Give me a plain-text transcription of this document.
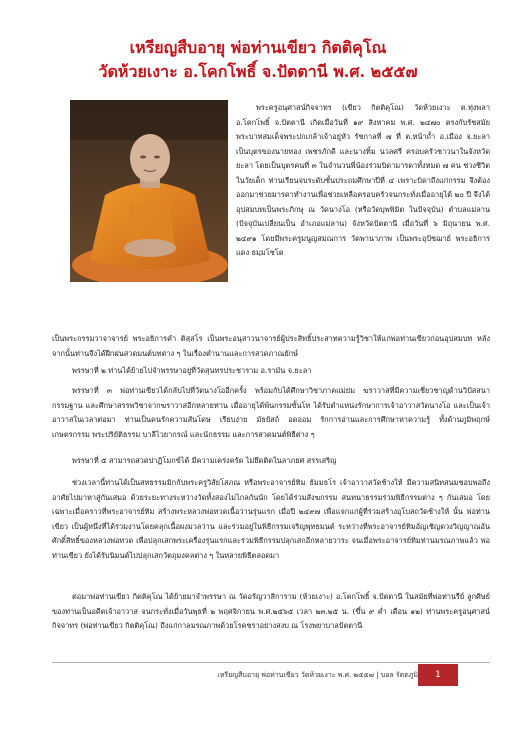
เหรียญสืบอายุ พ่อท่านเขียว กิตติคุโณ
วัดห้วยเงาะ อ.โคกโพธิ์ จ.ปัตตานี พ.ศ. ๒๕๕๗
พระครูอนุศาสน์กิจจาทร (เขียว กิตติคุโณ) วัดห้วยเงาะ ต.ทุ่งพลา อ.โคกโพธิ์ จ.ปัตตานี เกิดเมื่อวันที่ ๑๙ สิงหาคม พ.ศ. ๒๔๗๐ ตรงกับรัชสมัยพระบาทสมเด็จพระปกเกล้าเจ้าอยู่หัว รัชกาลที่ ๗ ที่ ต.หน้าถ้ำ อ.เมือง จ.ยะลา เป็นบุตรของนายทอง เพชรภักดี และนางทิ้ม นวลศรี ครอบครัวชาวนาในจังหวัดยะลา โดยเป็นบุตรคนที่ ๓ ในจำนวนพี่น้องร่วมบิดามารดาทั้งหมด ๗ คน ช่วงชีวิตในวัยเด็ก ท่านเรียนจบระดับชั้นประถมศึกษาปีที่ ๔ เพราะบิดาถึงแก่กรรม จึงต้องออกมาช่วยมารดาทำงานเพื่อช่วยเหลือครอบครัวจนกระทั่งเมื่ออายุได้ ๒๐ ปี จึงได้อุปสมบทเป็นพระภิกษุ ณ วัดนางโอ (หรือวัดบุพพิมิต ในปัจจุบัน) ตำบลแม่ลาน (ปัจจุบันเปลี่ยนเป็น อำเภอแม่ลาน) จังหวัดปัตตานี เมื่อวันที่ ๖ มิถุนายน พ.ศ. ๒๔๙๑ โดยมีพระครูมนูญสมณการ วัดพานาภาพ เป็นพระอุปัชฌาย์ พระอธิการแดง ธมฺมโชโต
เป็นพระกรรมวาจาจารย์ พระอธิการคำ ติสฺสโร เป็นพระอนุสาวนาจารย์ผู้ประสิทธิ์ประสาทความรู้วิชาให้แก่พ่อท่านเขียวก่อนอุปสมบท หลังจากนั้นท่านจึงได้ฝึกฝนสวดมนต์บทต่าง ๆ ในเรื่องตำนานและการสวดภาณยักษ์
พรรษาที่ ๒ ท่านได้ย้ายไปจำพรรษาอยู่ที่วัดสุนทรประชาราม อ.รามัน จ.ยะลา
พรรษาที่ ๓ พ่อท่านเขียวได้กลับไปที่วัดนางโออีกครั้ง พร้อมกับได้ศึกษาวิชาภาคแม่ย่ม ฆราวาสที่มีความเชี่ยวชาญด้านวิปัสสนากรรมฐาน และศึกษาสรรพวิชาจากฆราวาสอีกหลายท่าน เมื่ออายุได้พ้นกรรมซั้นโท ได้รับตำแหน่งรักษาการเจ้าอาวาสวัดนางโอ และเป็นเจ้าอาวาสในเวลาต่อมา ท่านเป็นคนรักความสันโดษ เรียบง่าย มัธยัสถ์ อดออม รักการอ่านและการศึกษาหาความรู้ ทั้งด้านภูมิพฤกษ์ เกษตรกรรม พระปริยัติธรรม บาลีไวยากรณ์ และนักธรรม และการสวดมนต์พิธีต่าง ๆ
พรรษาที่ ๕ สามารถสวดปาฏิโมกข์ได้ มีความเคร่งครัด ไม่ยึดติดในลาภยศ สรรเสริญ
ช่วงเวลานี้ท่านได้เป็นสหธรรมมิกกับพระครูวิสัยโสภณ หรือพระอาจารย์ทิม ธัมมธโร เจ้าอาวาสวัดช้างให้ มีความสนิทสนมชอบพอถึงอาศัยไปมาหาสู่กันเสมอ ด้วยระยะทางระหว่างวัดทั้งสองไม่ไกลกันนัก โดยได้ร่วมสังฆกรรม สนทนาธรรมร่วมพิธีกรรมต่าง ๆ กันเสมอ โดยเฉพาะเมื่อคราวที่พระอาจารย์ทิม สร้างพระหลวงพ่อทวดเนื้อว่านรุ่นแรก เมื่อปี ๒๔๙๗ เพื่อแจกแก่ผู้ที่ร่วมสร้างอุโบสถวัดช้างให้ นั้น พ่อท่านเขียว เป็นผู้หนึ่งที่ได้ร่วมงานโดยคลุกเนื้อผงมวลว่าน และร่วมอยู่ในพิธีกรรมเจริญพุทธมนต์ ระหว่างที่พระอาจารย์ทิมอัญเชิญดวงวิญญาณอันศักดิ์สิทธิ์ของหลวงพ่อทวด เพื่อปลุกเสกพระเครื่องรุ่นแรกและร่วมพิธีกรรมปลุกเสกอีกหลายวาระ จนเมื่อพระอาจารย์ทิมท่านมรณภาพแล้ว พ่อท่านเขียว ยังได้รับนิมนต์ไปปลุกเสกวัตถุมงคลต่าง ๆ ในหลายพิธีตลอดมา
ต่อมาพ่อท่านเขียว กิตติคุโณ ได้ย้ายมาจำพรรษา ณ วัดอรัญวาสิการาม (ห้วยเงาะ) อ.โคกโพธิ์ จ.ปัตตานี ในสมัยที่พ่อท่านรีย์ ลูกศิษย์ของท่านเป็นอดีตเจ้าอาวาส จนกระทั่งเมื่อวันพุธที่ ๒ พฤศจิกายน พ.ศ.๒๕๖๕ เวลา ๒๓.๒๕ น. (ขึ้น ๙ ค่ำ เดือน ๑๒) ท่านพระครูอนุศาสน์กิจจาทร (พ่อท่านเขียว กิตติคุโณ) ถึงแก่กาลมรณภาพด้วยโรคชราอย่างสงบ ณ โรงพยาบาลปัตตานี
เหรียญสืบอายุ พ่อท่านเขียว วัดห้วยเงาะ พ.ศ. ๒๕๕๗ | บอล รัตตภูมิ	1
